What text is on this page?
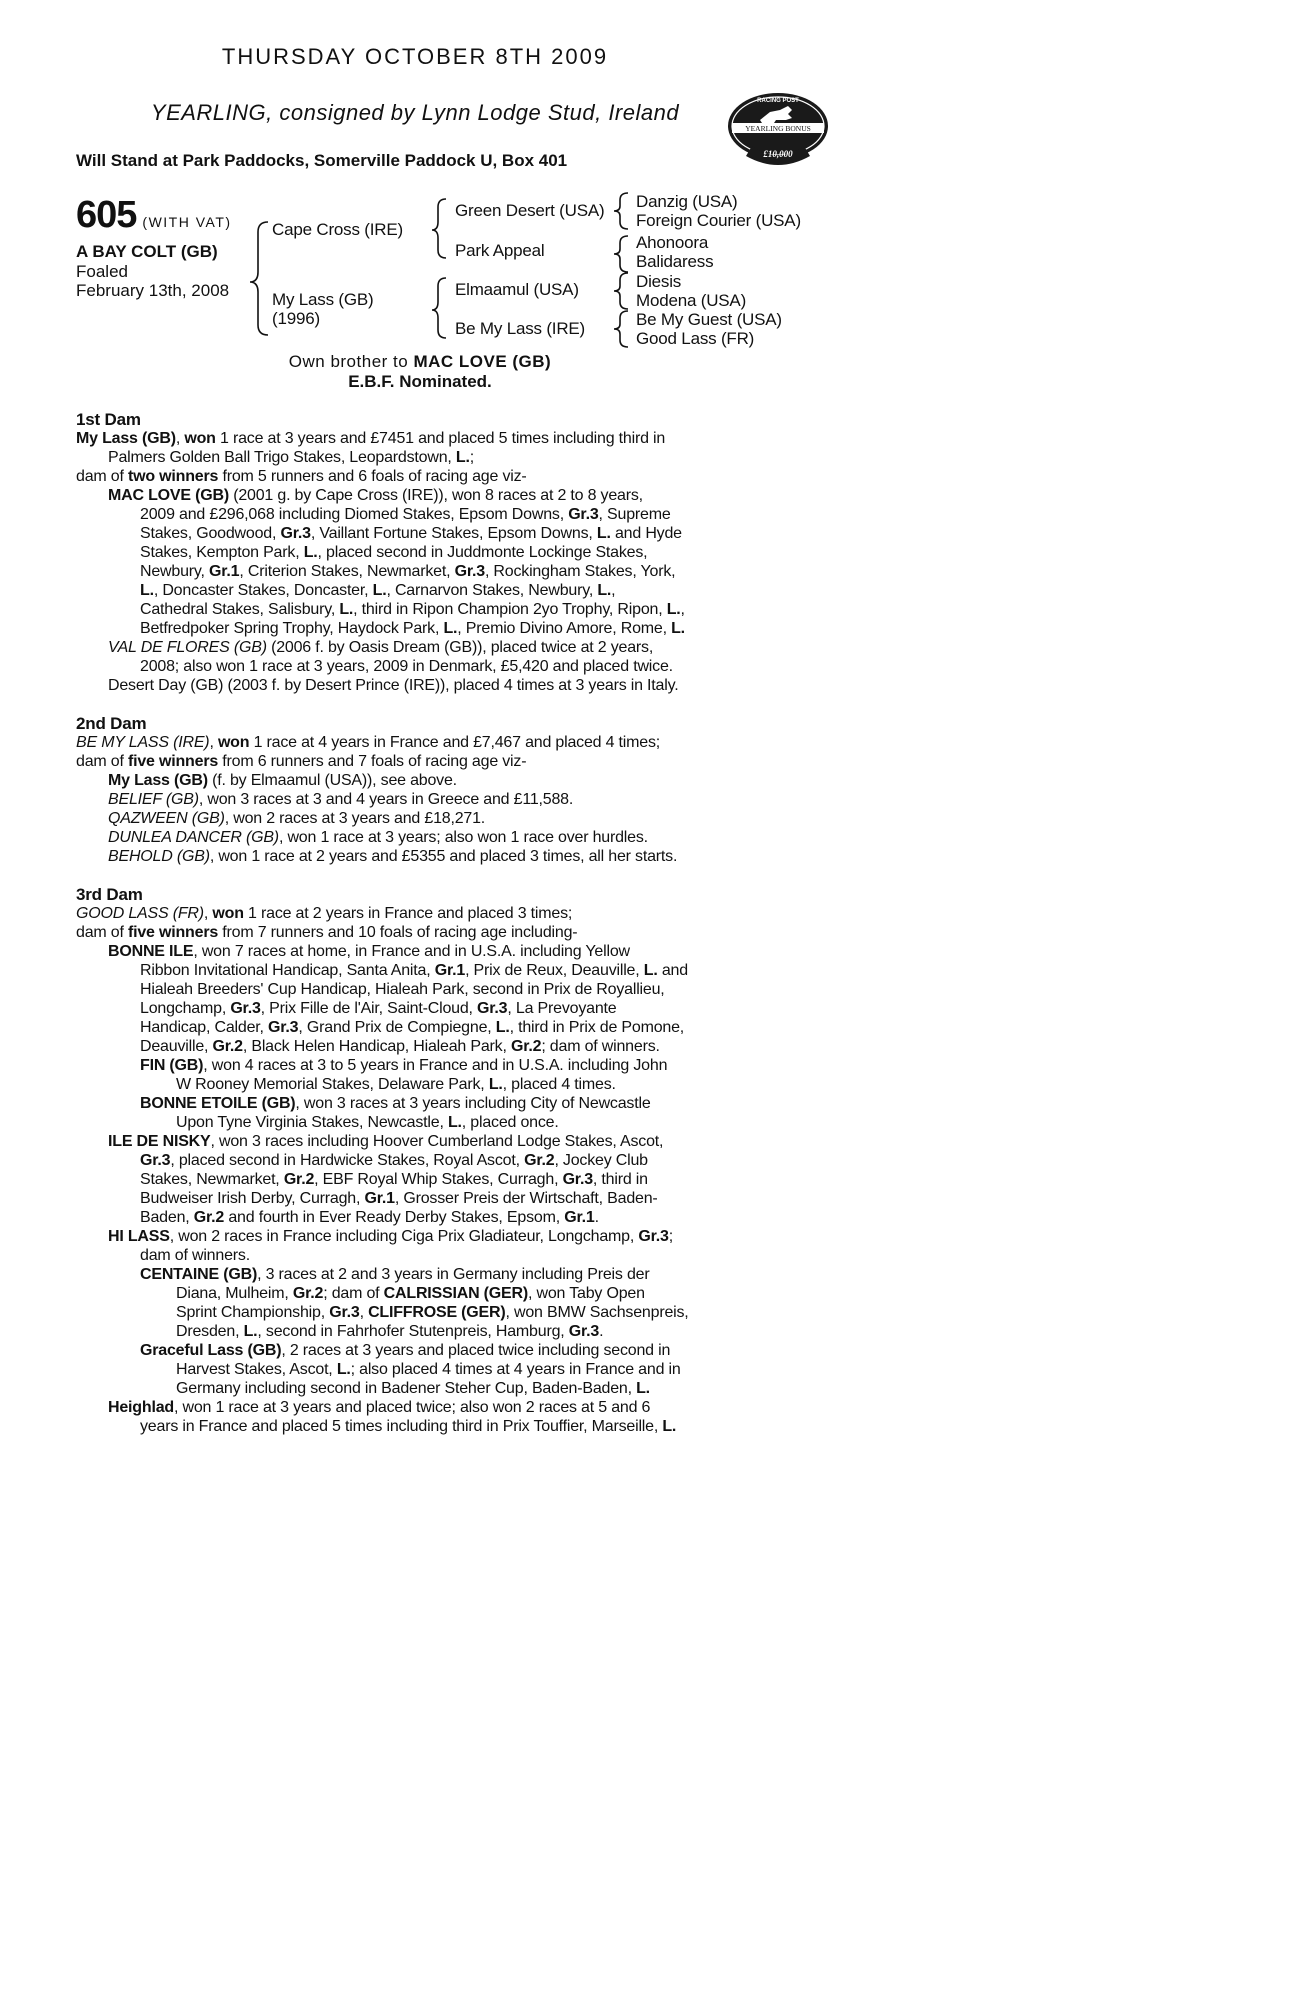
THURSDAY OCTOBER 8TH 2009
YEARLING, consigned by Lynn Lodge Stud, Ireland
Will Stand at Park Paddocks, Somerville Paddock U, Box 401
RACING POST
YEARLING BONUS
£10,000
605 (WITH VAT)
A BAY COLT (GB)
Foaled
February 13th, 2008
Cape Cross (IRE)
My Lass (GB)
(1996)
Green Desert (USA)
Park Appeal
Elmaamul (USA)
Be My Lass (IRE)
Danzig (USA)
Foreign Courier (USA)
Ahonoora
Balidaress
Diesis
Modena (USA)
Be My Guest (USA)
Good Lass (FR)
Own brother to MAC LOVE (GB)
E.B.F. Nominated.
1st Dam
My Lass (GB), won 1 race at 3 years and £7451 and placed 5 times including third in
Palmers Golden Ball Trigo Stakes, Leopardstown, L.;
dam of two winners from 5 runners and 6 foals of racing age viz-
MAC LOVE (GB) (2001 g. by Cape Cross (IRE)), won 8 races at 2 to 8 years,
2009 and £296,068 including Diomed Stakes, Epsom Downs, Gr.3, Supreme
Stakes, Goodwood, Gr.3, Vaillant Fortune Stakes, Epsom Downs, L. and Hyde
Stakes, Kempton Park, L., placed second in Juddmonte Lockinge Stakes,
Newbury, Gr.1, Criterion Stakes, Newmarket, Gr.3, Rockingham Stakes, York,
L., Doncaster Stakes, Doncaster, L., Carnarvon Stakes, Newbury, L.,
Cathedral Stakes, Salisbury, L., third in Ripon Champion 2yo Trophy, Ripon, L.,
Betfredpoker Spring Trophy, Haydock Park, L., Premio Divino Amore, Rome, L.
VAL DE FLORES (GB) (2006 f. by Oasis Dream (GB)), placed twice at 2 years,
2008; also won 1 race at 3 years, 2009 in Denmark, £5,420 and placed twice.
Desert Day (GB) (2003 f. by Desert Prince (IRE)), placed 4 times at 3 years in Italy.
2nd Dam
BE MY LASS (IRE), won 1 race at 4 years in France and £7,467 and placed 4 times;
dam of five winners from 6 runners and 7 foals of racing age viz-
My Lass (GB) (f. by Elmaamul (USA)), see above.
BELIEF (GB), won 3 races at 3 and 4 years in Greece and £11,588.
QAZWEEN (GB), won 2 races at 3 years and £18,271.
DUNLEA DANCER (GB), won 1 race at 3 years; also won 1 race over hurdles.
BEHOLD (GB), won 1 race at 2 years and £5355 and placed 3 times, all her starts.
3rd Dam
GOOD LASS (FR), won 1 race at 2 years in France and placed 3 times;
dam of five winners from 7 runners and 10 foals of racing age including-
BONNE ILE, won 7 races at home, in France and in U.S.A. including Yellow
Ribbon Invitational Handicap, Santa Anita, Gr.1, Prix de Reux, Deauville, L. and
Hialeah Breeders' Cup Handicap, Hialeah Park, second in Prix de Royallieu,
Longchamp, Gr.3, Prix Fille de l'Air, Saint-Cloud, Gr.3, La Prevoyante
Handicap, Calder, Gr.3, Grand Prix de Compiegne, L., third in Prix de Pomone,
Deauville, Gr.2, Black Helen Handicap, Hialeah Park, Gr.2; dam of winners.
FIN (GB), won 4 races at 3 to 5 years in France and in U.S.A. including John
W Rooney Memorial Stakes, Delaware Park, L., placed 4 times.
BONNE ETOILE (GB), won 3 races at 3 years including City of Newcastle
Upon Tyne Virginia Stakes, Newcastle, L., placed once.
ILE DE NISKY, won 3 races including Hoover Cumberland Lodge Stakes, Ascot,
Gr.3, placed second in Hardwicke Stakes, Royal Ascot, Gr.2, Jockey Club
Stakes, Newmarket, Gr.2, EBF Royal Whip Stakes, Curragh, Gr.3, third in
Budweiser Irish Derby, Curragh, Gr.1, Grosser Preis der Wirtschaft, Baden-
Baden, Gr.2 and fourth in Ever Ready Derby Stakes, Epsom, Gr.1.
HI LASS, won 2 races in France including Ciga Prix Gladiateur, Longchamp, Gr.3;
dam of winners.
CENTAINE (GB), 3 races at 2 and 3 years in Germany including Preis der
Diana, Mulheim, Gr.2; dam of CALRISSIAN (GER), won Taby Open
Sprint Championship, Gr.3, CLIFFROSE (GER), won BMW Sachsenpreis,
Dresden, L., second in Fahrhofer Stutenpreis, Hamburg, Gr.3.
Graceful Lass (GB), 2 races at 3 years and placed twice including second in
Harvest Stakes, Ascot, L.; also placed 4 times at 4 years in France and in
Germany including second in Badener Steher Cup, Baden-Baden, L.
Heighlad, won 1 race at 3 years and placed twice; also won 2 races at 5 and 6
years in France and placed 5 times including third in Prix Touffier, Marseille, L.
